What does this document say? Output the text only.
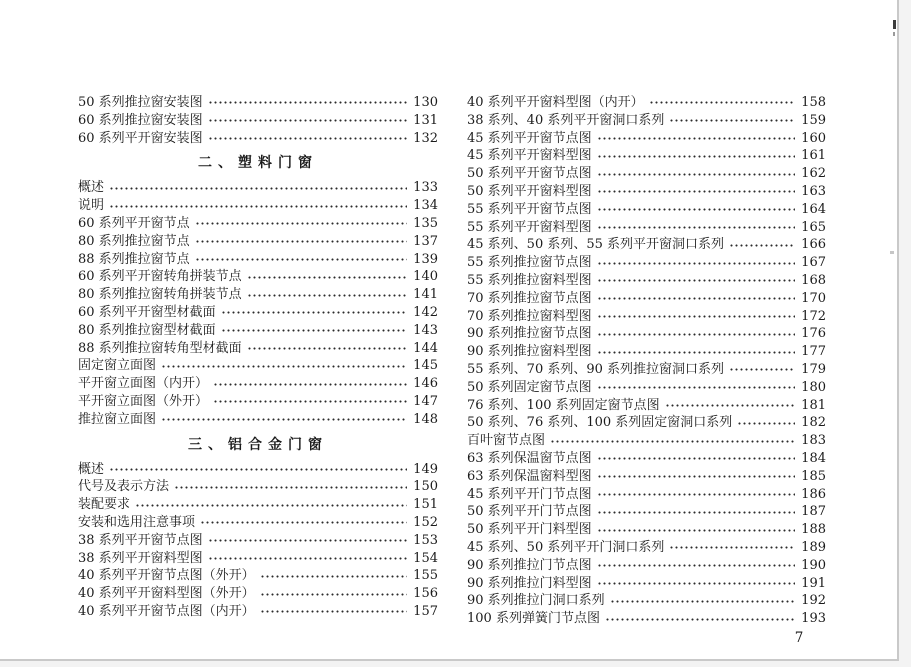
50 系列推拉窗安装图	130
60 系列推拉窗安装图	131
60 系列平开窗安装图	132
二、塑料门窗
概述	133
说明	134
60 系列平开窗节点	135
80 系列推拉窗节点	137
88 系列推拉窗节点	139
60 系列平开窗转角拼装节点	140
80 系列推拉窗转角拼装节点	141
60 系列平开窗型材截面	142
80 系列推拉窗型材截面	143
88 系列推拉窗转角型材截面	144
固定窗立面图	145
平开窗立面图（内开）	146
平开窗立面图（外开）	147
推拉窗立面图	148
三、铝合金门窗
概述	149
代号及表示方法	150
装配要求	151
安装和选用注意事项	152
38 系列平开窗节点图	153
38 系列平开窗料型图	154
40 系列平开窗节点图（外开）	155
40 系列平开窗料型图（外开）	156
40 系列平开窗节点图（内开）	157
40 系列平开窗料型图（内开）	158
38 系列、40 系列平开窗洞口系列	159
45 系列平开窗节点图	160
45 系列平开窗料型图	161
50 系列平开窗节点图	162
50 系列平开窗料型图	163
55 系列平开窗节点图	164
55 系列平开窗料型图	165
45 系列、50 系列、55 系列平开窗洞口系列	166
55 系列推拉窗节点图	167
55 系列推拉窗料型图	168
70 系列推拉窗节点图	170
70 系列推拉窗料型图	172
90 系列推拉窗节点图	176
90 系列推拉窗料型图	177
55 系列、70 系列、90 系列推拉窗洞口系列	179
50 系列固定窗节点图	180
76 系列、100 系列固定窗节点图	181
50 系列、76 系列、100 系列固定窗洞口系列	182
百叶窗节点图	183
63 系列保温窗节点图	184
63 系列保温窗料型图	185
45 系列平开门节点图	186
50 系列平开门节点图	187
50 系列平开门料型图	188
45 系列、50 系列平开门洞口系列	189
90 系列推拉门节点图	190
90 系列推拉门料型图	191
90 系列推拉门洞口系列	192
100 系列弹簧门节点图	193
7
